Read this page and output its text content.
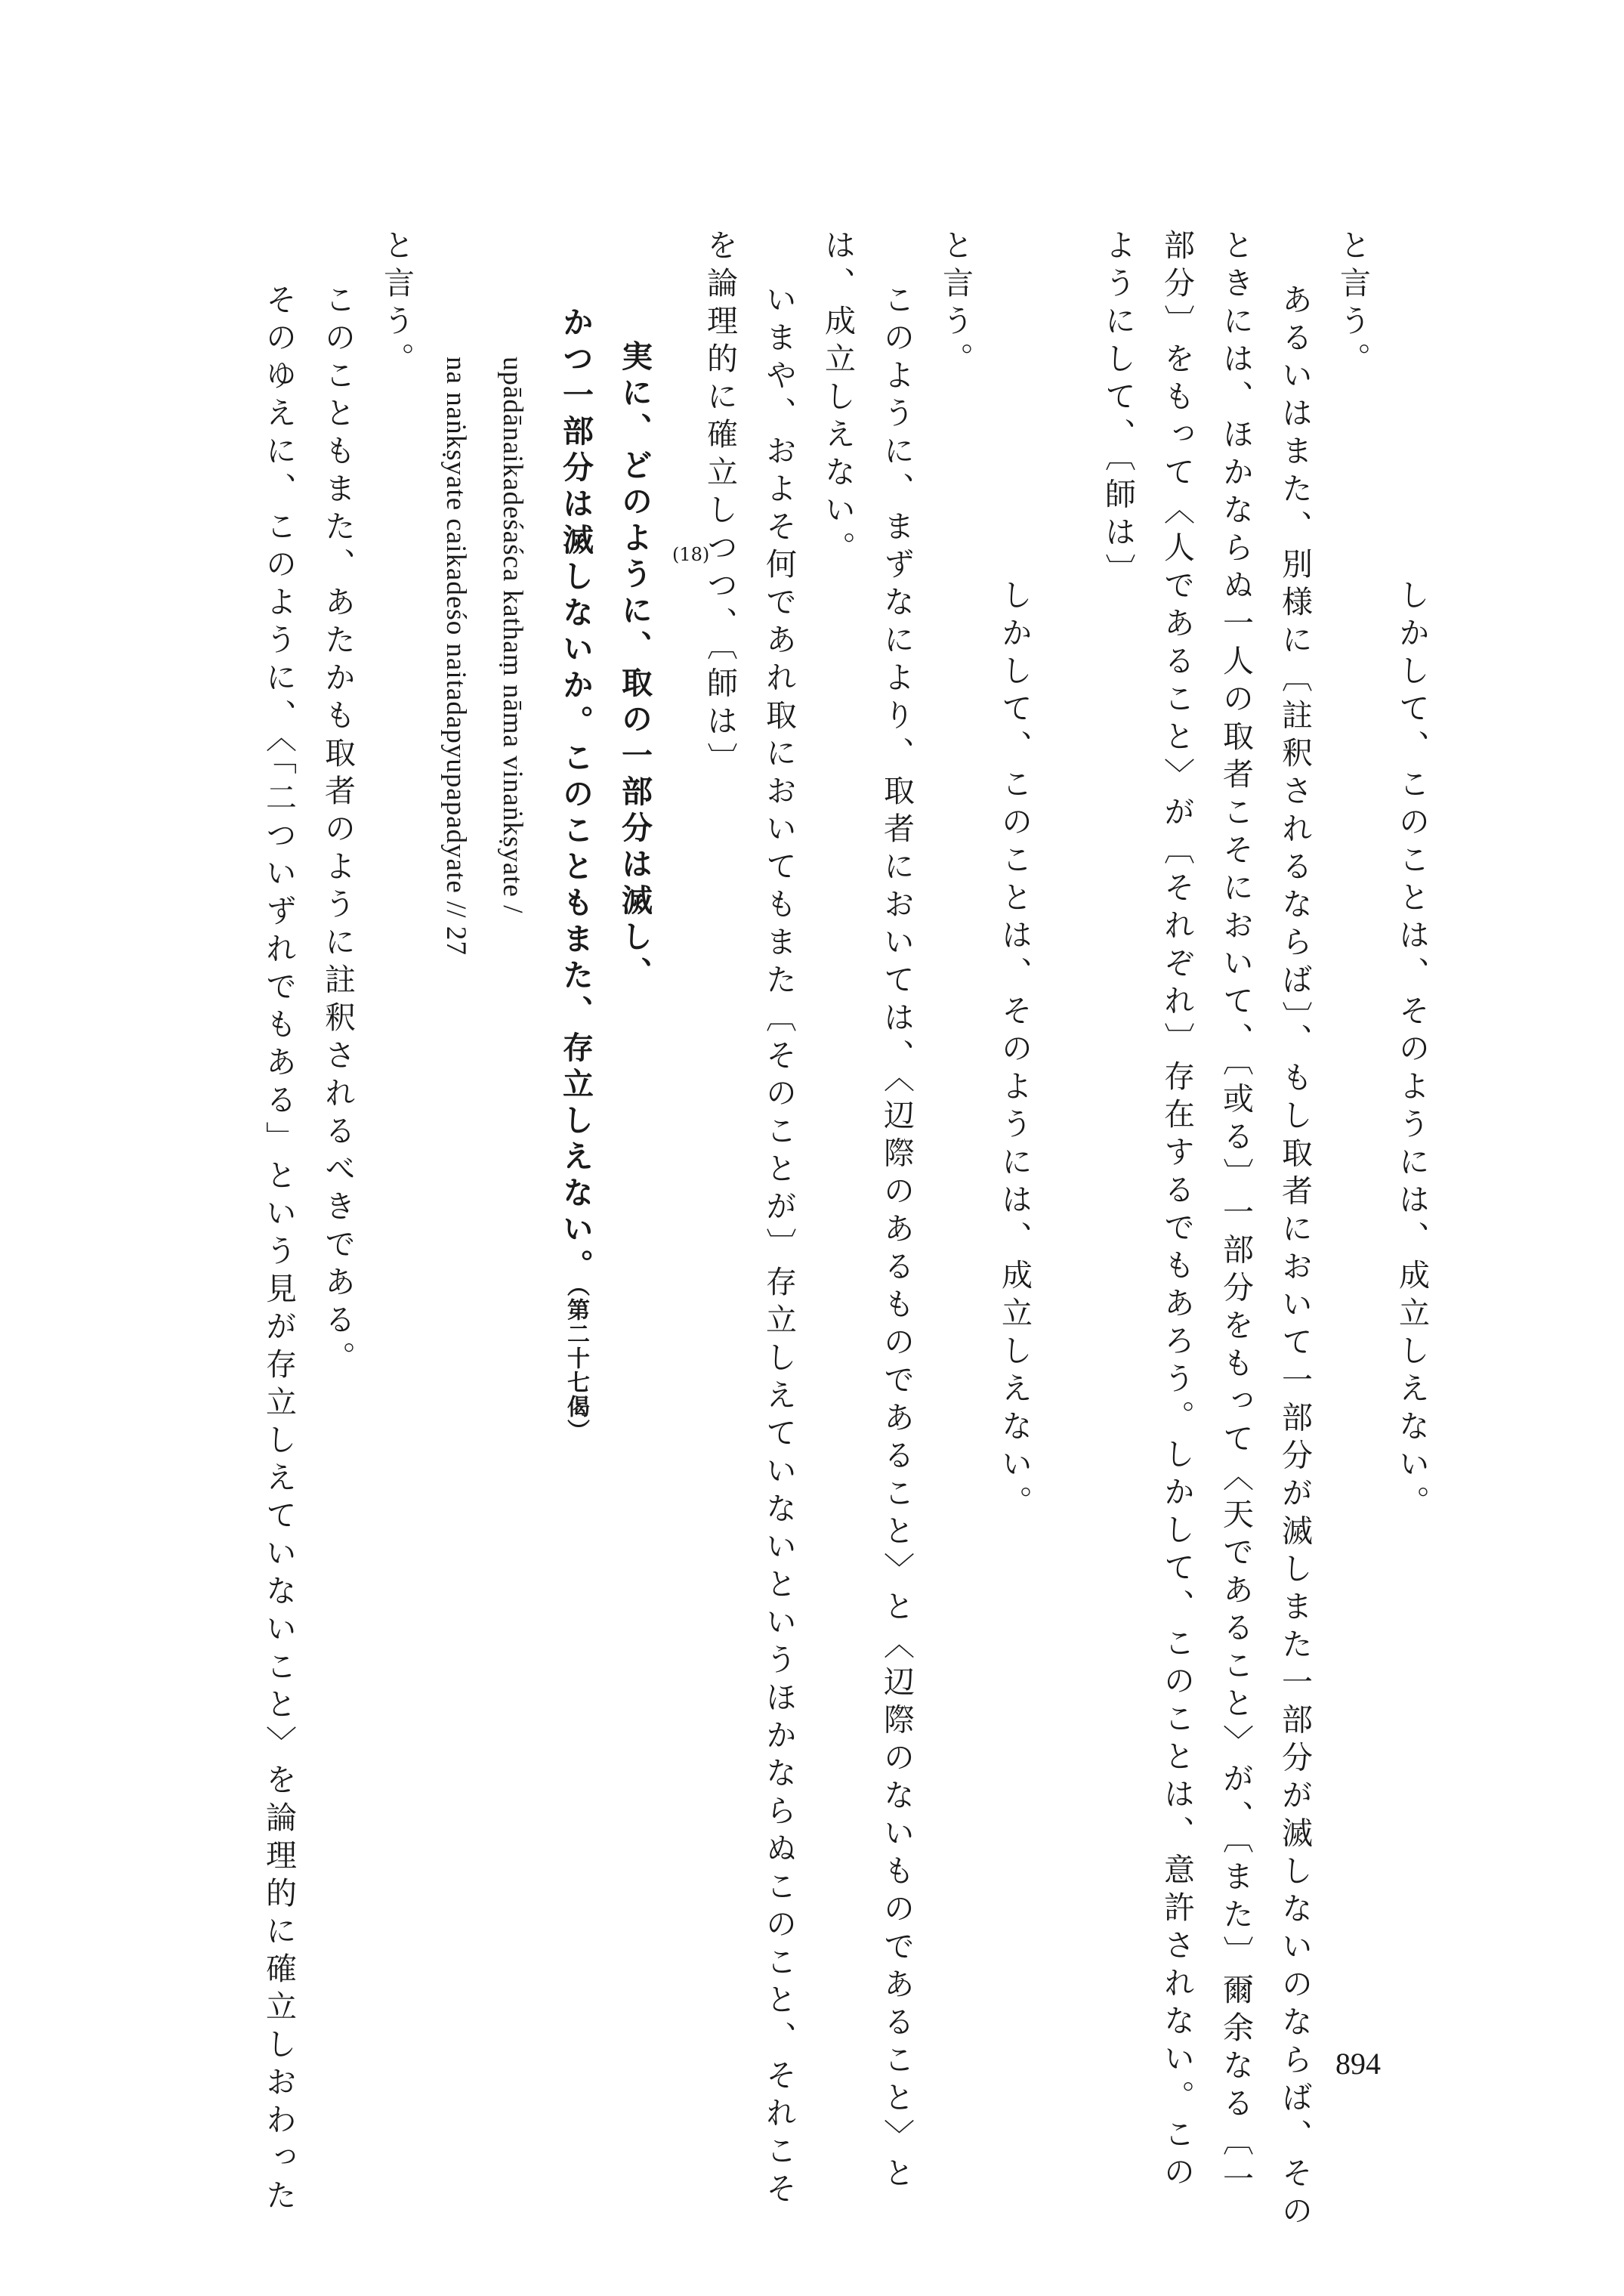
しかして、このことは、そのようには、成立しえない。
と言う。
あるいはまた、別様に〔註釈されるならば〕、もし取者において一部分が滅しまた一部分が滅しないのならば、その
ときには、ほかならぬ一人の取者こそにおいて、〔或る〕一部分をもって〈天であること〉が、〔また〕爾余なる〔一
部分〕をもって〈人であること〉が〔それぞれ〕存在するでもあろう。しかして、このことは、意許されない。この
ようにして、〔師は〕
しかして、このことは、そのようには、成立しえない。
と言う。
このように、まずなにより、取者においては、〈辺際のあるものであること〉と〈辺際のないものであること〉と
は、成立しえない。
いまや、およそ何であれ取においてもまた〔そのことが〕存立しえていないというほかならぬこのこと、それこそ
を論理的に確立しつつ、〔師は〕
(18)
実に、どのように、取の一部分は滅し、
かつ一部分は滅しないか。このこともまた、存立しえない。（第二十七偈）
upādānaikadeśaśca kathaṃ nāma vinaṅkṣyate /
na naṅkṣyate caikadeśo naitadapyupapadyate // 27
と言う。
このこともまた、あたかも取者のように註釈されるべきである。
そのゆえに、このように、〈「二ついずれでもある」という見が存立しえていないこと〉を論理的に確立しおわった	894
